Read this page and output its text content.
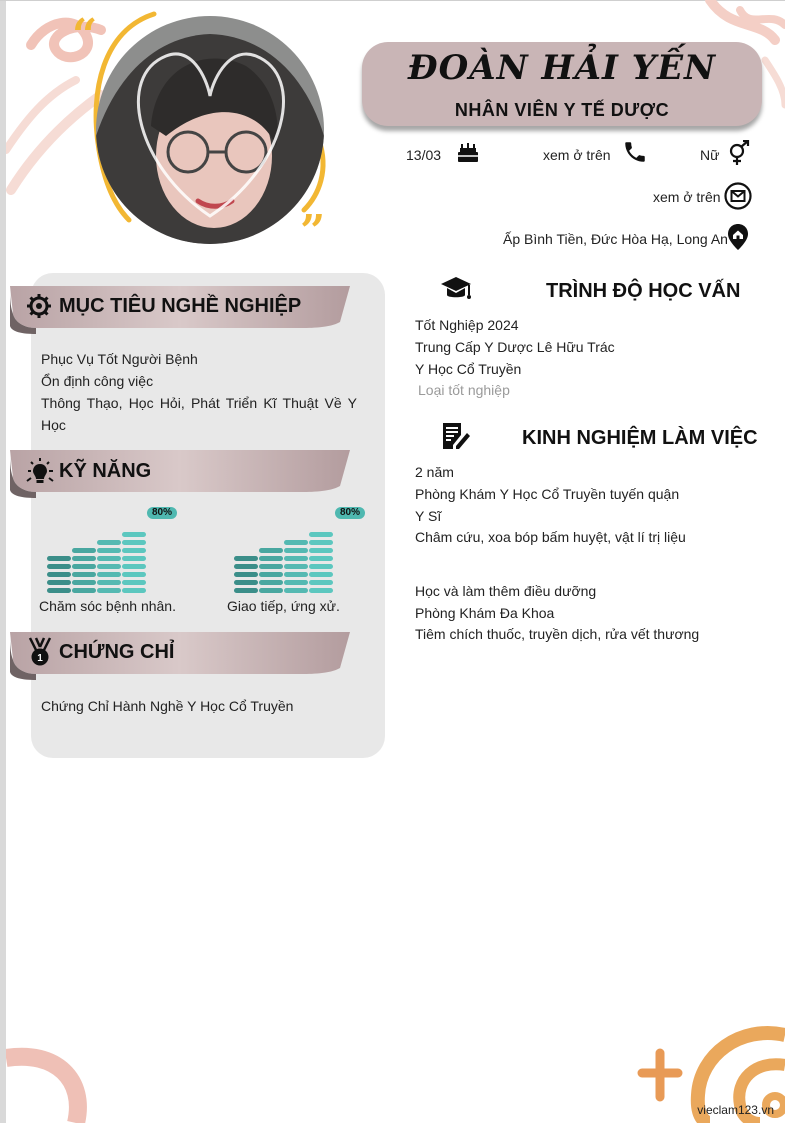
“
”
ĐOÀN HẢI YẾN
NHÂN VIÊN Y TẾ DƯỢC
13/03	xem ở trên	Nữ
xem ở trên
Ấp Bình Tiền, Đức Hòa Hạ, Long An
MỤC TIÊU NGHỀ NGHIỆP
Phục Vụ Tốt Người Bệnh
Ổn định công việc
Thông Thạo, Học Hỏi, Phát Triển Kĩ Thuật Về Y Học
KỸ NĂNG
80%
Chăm sóc bệnh nhân.
80%
Giao tiếp, ứng xử.
1 CHỨNG CHỈ
Chứng Chỉ Hành Nghề Y Học Cổ Truyền
TRÌNH ĐỘ HỌC VẤN
Tốt Nghiệp 2024
Trung Cấp Y Dược Lê Hữu Trác
Y Học Cổ Truyền
Loại tốt nghiệp
KINH NGHIỆM LÀM VIỆC
2 năm
Phòng Khám Y Học Cổ Truyền tuyến quận
Y Sĩ
Châm cứu, xoa bóp bấm huyệt, vật lí trị liệu
Học và làm thêm điều dưỡng
Phòng Khám Đa Khoa
Tiêm chích thuốc, truyền dịch, rửa vết thương
vieclam123.vn
